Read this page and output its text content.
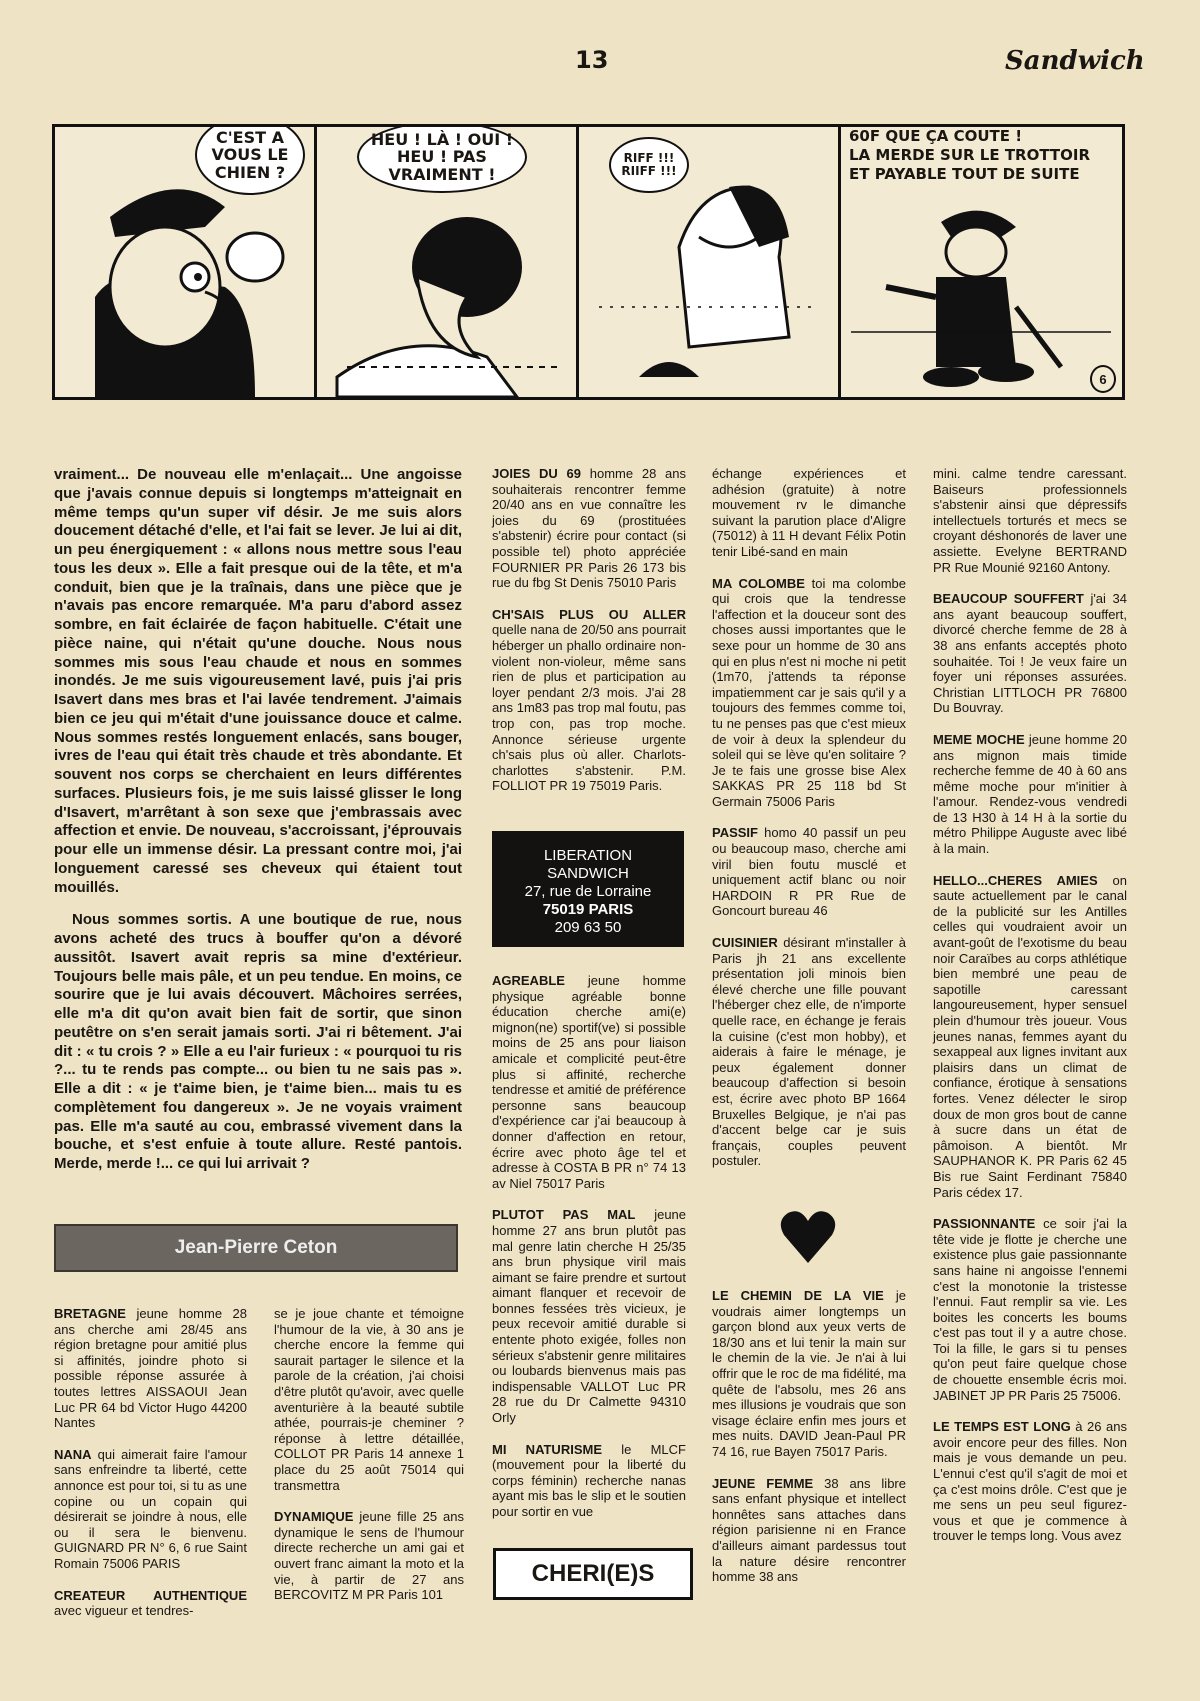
13	Sandwich
C'EST A VOUS LE CHIEN ?
HEU ! LÀ ! OUI ! HEU ! PAS VRAIMENT !
RIFF !!! RIIFF !!!
60F QUE ÇA COUTE !
LA MERDE SUR LE TROTTOIR
ET PAYABLE TOUT DE SUITE
6

vraiment... De nouveau elle m'enlaçait... Une angoisse que j'avais connue depuis si longtemps m'atteignait en même temps qu'un super vif désir. Je me suis alors doucement détaché d'elle, et l'ai fait se lever. Je lui ai dit, un peu énergiquement : « allons nous mettre sous l'eau tous les deux ». Elle a fait presque oui de la tête, et m'a conduit, bien que je la traînais, dans une pièce que je n'avais pas encore remarquée. M'a paru d'abord assez sombre, en fait éclairée de façon habituelle. C'était une pièce naine, qui n'était qu'une douche. Nous nous sommes mis sous l'eau chaude et nous en sommes inondés. Je me suis vigoureusement lavé, puis j'ai pris Isavert dans mes bras et l'ai lavée tendrement. J'aimais bien ce jeu qui m'était d'une jouissance douce et calme. Nous sommes restés longuement enlacés, sans bouger, ivres de l'eau qui était très chaude et très abondante. Et souvent nos corps se cherchaient en leurs différentes surfaces. Plusieurs fois, je me suis laissé glisser le long d'Isavert, m'arrêtant à son sexe que j'embrassais avec affection et envie. De nouveau, s'accroissant, j'éprouvais pour elle un immense désir. La pressant contre moi, j'ai longuement caressé ses cheveux qui étaient tout mouillés.

Nous sommes sortis. A une boutique de rue, nous avons acheté des trucs à bouffer qu'on a dévoré aussitôt. Isavert avait repris sa mine d'extérieur. Toujours belle mais pâle, et un peu tendue. En moins, ce sourire que je lui avais découvert. Mâchoires serrées, elle m'a dit qu'on avait bien fait de sortir, que sinon peutêtre on s'en serait jamais sorti. J'ai ri bêtement. J'ai dit : « tu crois ? » Elle a eu l'air furieux : « pourquoi tu ris ?... tu te rends pas compte... ou bien tu ne sais pas ». Elle a dit : « je t'aime bien, je t'aime bien... mais tu es complètement fou dangereux ». Je ne voyais vraiment pas. Elle m'a sauté au cou, embrassé vivement dans la bouche, et s'est enfuie à toute allure. Resté pantois. Merde, merde !... ce qui lui arrivait ?

Jean-Pierre Ceton
BRETAGNE jeune homme 28 ans cherche ami 28/45 ans région bretagne pour amitié plus si affinités, joindre photo si possible réponse assurée à toutes lettres AISSAOUI Jean Luc PR 64 bd Victor Hugo 44200 Nantes
NANA qui aimerait faire l'amour sans enfreindre ta liberté, cette annonce est pour toi, si tu as une copine ou un copain qui désirerait se joindre à nous, elle ou il sera le bienvenu. GUIGNARD PR N° 6, 6 rue Saint Romain 75006 PARIS
CREATEUR AUTHENTIQUE avec vigueur et tendres-
se je joue chante et témoigne l'humour de la vie, à 30 ans je cherche encore la femme qui saurait partager le silence et la parole de la création, j'ai choisi d'être plutôt qu'avoir, avec quelle aventurière à la beauté subtile athée, pourrais-je cheminer ? réponse à lettre détaillée, COLLOT PR Paris 14 annexe 1 place du 25 août 75014 qui transmettra
DYNAMIQUE jeune fille 25 ans dynamique le sens de l'humour directe recherche un ami gai et ouvert franc aimant la moto et la vie, à partir de 27 ans BERCOVITZ M PR Paris 101
JOIES DU 69 homme 28 ans souhaiterais rencontrer femme 20/40 ans en vue connaître les joies du 69 (prostituées s'abstenir) écrire pour contact (si possible tel) photo appréciée FOURNIER PR Paris 26 173 bis rue du fbg St Denis 75010 Paris
CH'SAIS PLUS OU ALLER quelle nana de 20/50 ans pourrait héberger un phallo ordinaire non-violent non-violeur, même sans rien de plus et participation au loyer pendant 2/3 mois. J'ai 28 ans 1m83 pas trop mal foutu, pas trop con, pas trop moche. Annonce sérieuse urgente ch'sais plus où aller. Charlots-charlottes s'abstenir. P.M. FOLLIOT PR 19 75019 Paris.
LIBERATION
SANDWICH
27, rue de Lorraine
75019 PARIS
209 63 50
AGREABLE jeune homme physique agréable bonne éducation cherche ami(e) mignon(ne) sportif(ve) si possible moins de 25 ans pour liaison amicale et complicité peut-être plus si affinité, recherche tendresse et amitié de préférence personne sans beaucoup d'expérience car j'ai beaucoup à donner d'affection en retour, écrire avec photo âge tel et adresse à COSTA B PR n° 74 13 av Niel 75017 Paris
PLUTOT PAS MAL jeune homme 27 ans brun plutôt pas mal genre latin cherche H 25/35 ans brun physique viril mais aimant se faire prendre et surtout aimant flanquer et recevoir de bonnes fessées très vicieux, je peux recevoir amitié durable si entente photo exigée, folles non sérieux s'abstenir genre militaires ou loubards bienvenus mais pas indispensable VALLOT Luc PR 28 rue du Dr Calmette 94310 Orly
MI NATURISME le MLCF (mouvement pour la liberté du corps féminin) recherche nanas ayant mis bas le slip et le soutien pour sortir en vue
CHERI(E)S
échange expériences et adhésion (gratuite) à notre mouvement rv le dimanche suivant la parution place d'Aligre (75012) à 11 H devant Félix Potin tenir Libé-sand en main
MA COLOMBE toi ma colombe qui crois que la tendresse l'affection et la douceur sont des choses aussi importantes que le sexe pour un homme de 30 ans qui en plus n'est ni moche ni petit (1m70, j'attends ta réponse impatiemment car je sais qu'il y a toujours des femmes comme toi, tu ne penses pas que c'est mieux de voir à deux la splendeur du soleil qui se lève qu'en solitaire ? Je te fais une grosse bise Alex SAKKAS PR 25 118 bd St Germain 75006 Paris
PASSIF homo 40 passif un peu ou beaucoup maso, cherche ami viril bien foutu musclé et uniquement actif blanc ou noir HARDOIN R PR Rue de Goncourt bureau 46
CUISINIER désirant m'installer à Paris jh 21 ans excellente présentation joli minois bien élevé cherche une fille pouvant l'héberger chez elle, de n'importe quelle race, en échange je ferais la cuisine (c'est mon hobby), et aiderais à faire le ménage, je peux également donner beaucoup d'affection si besoin est, écrire avec photo BP 1664 Bruxelles Belgique, je n'ai pas d'accent belge car je suis français, couples peuvent postuler.
LE CHEMIN DE LA VIE je voudrais aimer longtemps un garçon blond aux yeux verts de 18/30 ans et lui tenir la main sur le chemin de la vie. Je n'ai à lui offrir que le roc de ma fidélité, ma quête de l'absolu, mes 26 ans mes illusions je voudrais que son visage éclaire enfin mes jours et mes nuits. DAVID Jean-Paul PR 74 16, rue Bayen 75017 Paris.
JEUNE FEMME 38 ans libre sans enfant physique et intellect honnêtes sans attaches dans région parisienne ni en France d'ailleurs aimant pardessus tout la nature désire rencontrer homme 38 ans
mini. calme tendre caressant. Baiseurs professionnels s'abstenir ainsi que dépressifs intellectuels torturés et mecs se croyant déshonorés de laver une assiette. Evelyne BERTRAND PR Rue Mounié 92160 Antony.
BEAUCOUP SOUFFERT j'ai 34 ans ayant beaucoup souffert, divorcé cherche femme de 28 à 38 ans enfants acceptés photo souhaitée. Toi ! Je veux faire un foyer uni réponses assurées. Christian LITTLOCH PR 76800 Du Bouvray.
MEME MOCHE jeune homme 20 ans mignon mais timide recherche femme de 40 à 60 ans même moche pour m'initier à l'amour. Rendez-vous vendredi de 13 H30 à 14 H à la sortie du métro Philippe Auguste avec libé à la main.
HELLO...CHERES AMIES on saute actuellement par le canal de la publicité sur les Antilles celles qui voudraient avoir un avant-goût de l'exotisme du beau noir Caraïbes au corps athlétique bien membré une peau de sapotille caressant langoureusement, hyper sensuel plein d'humour très joueur. Vous jeunes nanas, femmes ayant du sexappeal aux lignes invitant aux plaisirs dans un climat de confiance, érotique à sensations fortes. Venez délecter le sirop doux de mon gros bout de canne à sucre dans un état de pâmoison. A bientôt. Mr SAUPHANOR K. PR Paris 62 45 Bis rue Saint Ferdinant 75840 Paris cédex 17.
PASSIONNANTE ce soir j'ai la tête vide je flotte je cherche une existence plus gaie passionnante sans haine ni angoisse l'ennemi c'est la monotonie la tristesse l'ennui. Faut remplir sa vie. Les boites les concerts les boums c'est pas tout il y a autre chose. Toi la fille, le gars si tu penses qu'on peut faire quelque chose de chouette ensemble écris moi. JABINET JP PR Paris 25 75006.
LE TEMPS EST LONG à 26 ans avoir encore peur des filles. Non mais je vous demande un peu. L'ennui c'est qu'il s'agit de moi et ça c'est moins drôle. C'est que je me sens un peu seul figurez-vous et que je commence à trouver le temps long. Vous avez
